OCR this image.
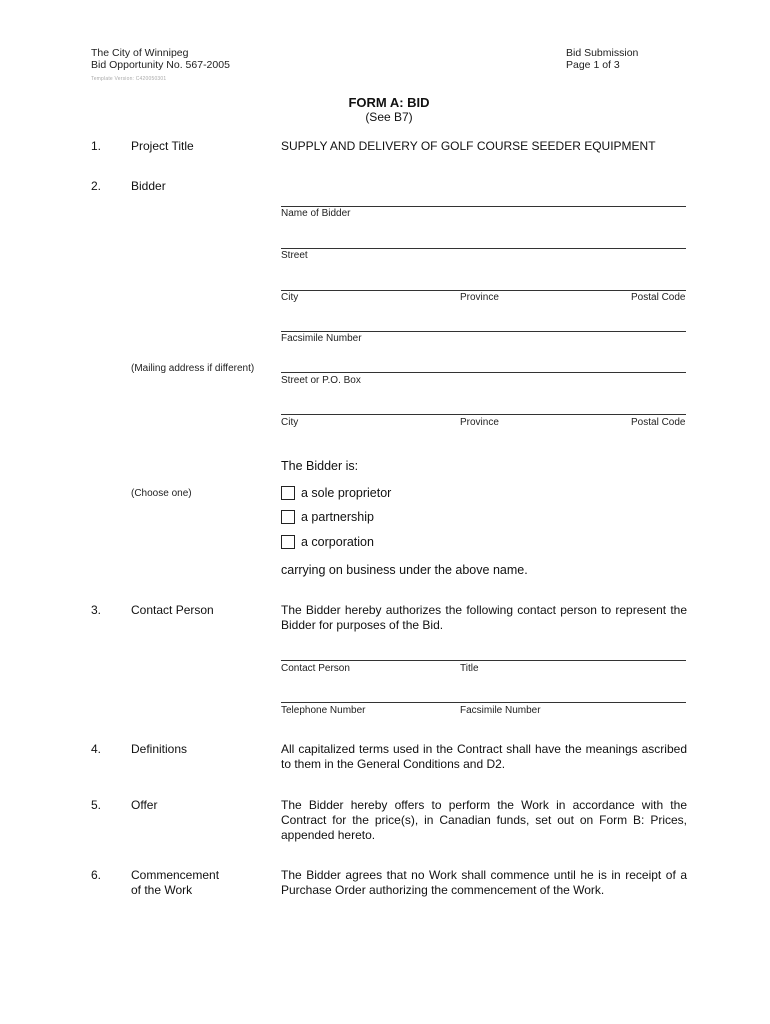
The City of Winnipeg
Bid Opportunity No. 567-2005
Template Version: C420050301
Bid Submission
Page 1 of 3
FORM A: BID
(See B7)
1. Project Title	SUPPLY AND DELIVERY OF GOLF COURSE SEEDER EQUIPMENT
2. Bidder
Name of Bidder
Street
City	Province	Postal Code
Facsimile Number
(Mailing address if different)
Street or P.O. Box
City	Province	Postal Code
The Bidder is:
(Choose one)	a sole proprietor
a partnership
a corporation
carrying on business under the above name.
3. Contact Person	The Bidder hereby authorizes the following contact person to represent the Bidder for purposes of the Bid.
Contact Person	Title
Telephone Number	Facsimile Number
4. Definitions	All capitalized terms used in the Contract shall have the meanings ascribed to them in the General Conditions and D2.
5. Offer	The Bidder hereby offers to perform the Work in accordance with the Contract for the price(s), in Canadian funds, set out on Form B: Prices, appended hereto.
6. Commencement
of the Work
The Bidder agrees that no Work shall commence until he is in receipt of a Purchase Order authorizing the commencement of the Work.
